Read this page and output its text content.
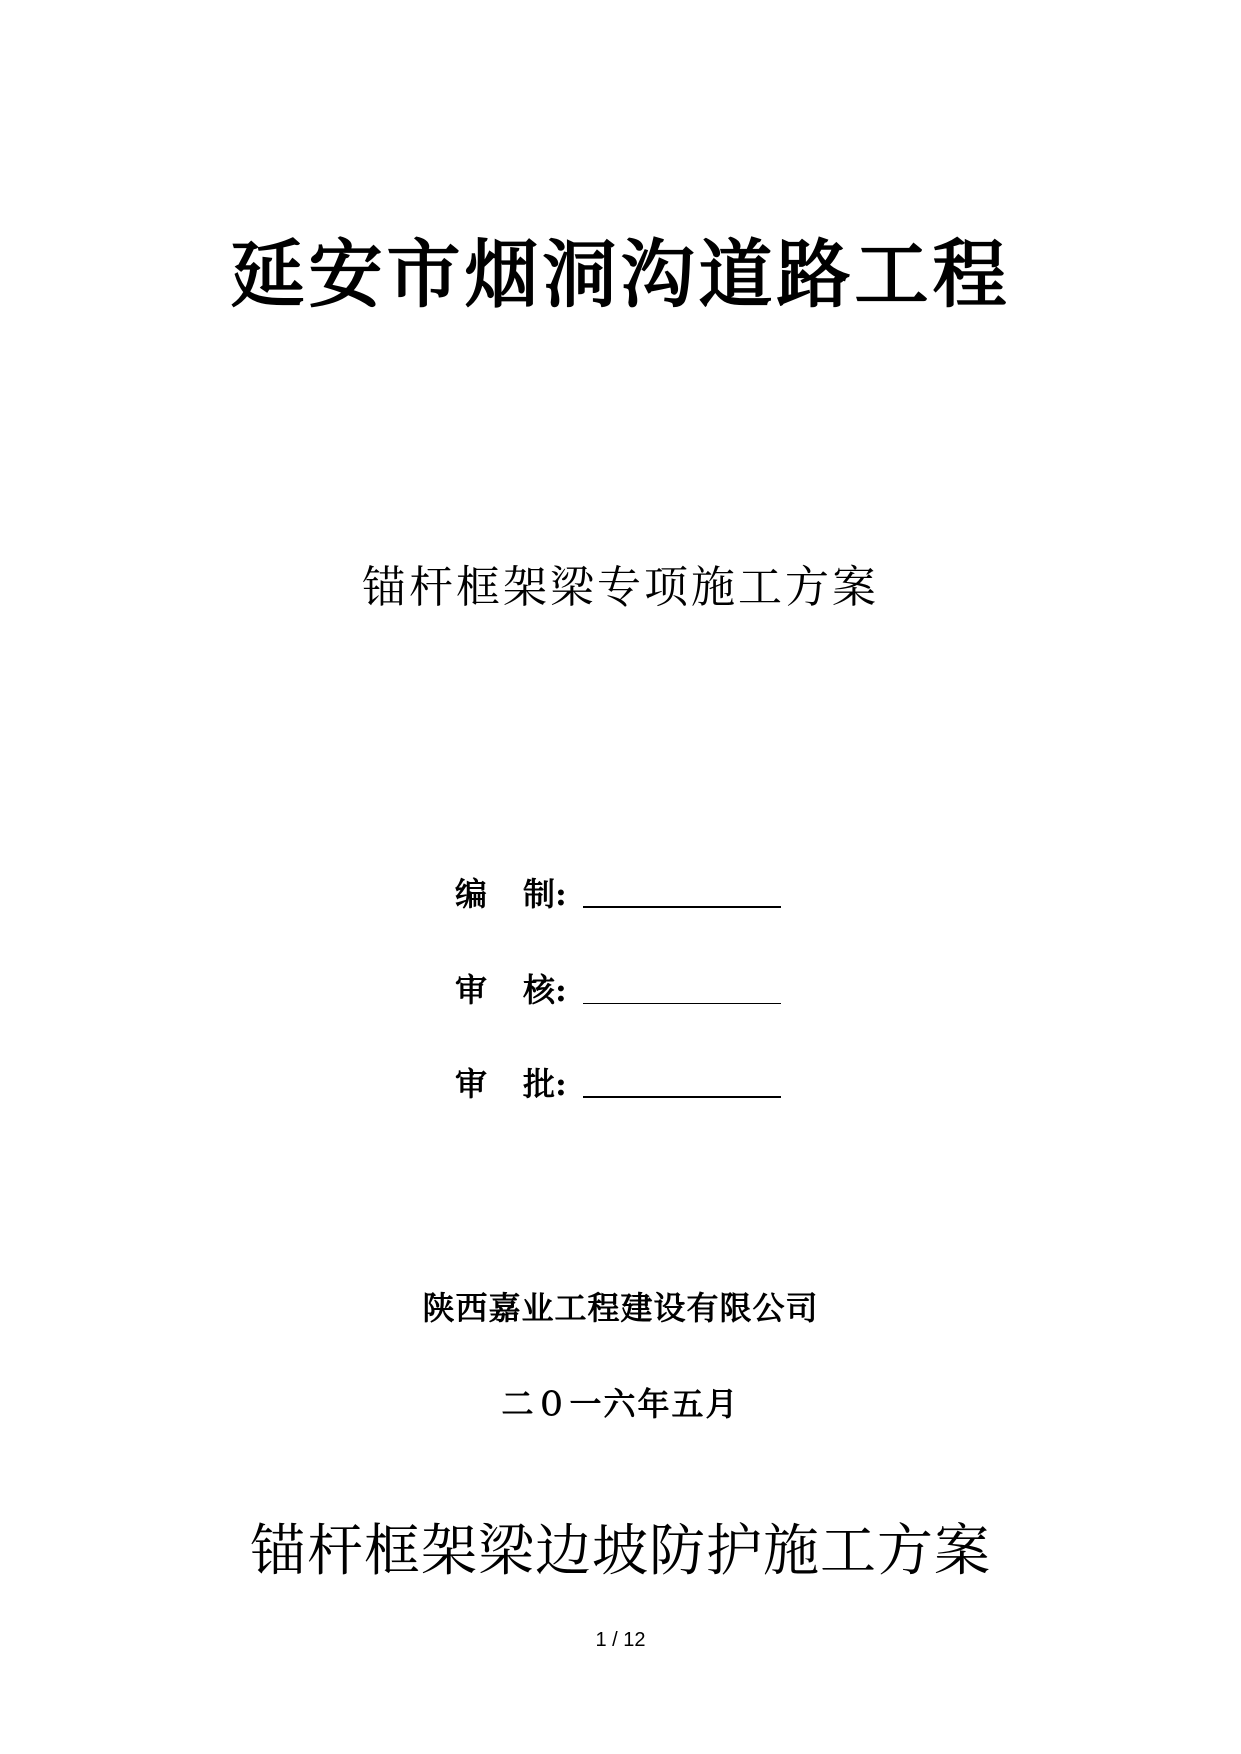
延安市烟洞沟道路工程
锚杆框架梁专项施工方案
编 制 :
审 核 :
审 批 :
陕西嘉业工程建设有限公司
二０一六年五月
锚杆框架梁边坡防护施工方案
1 / 12
